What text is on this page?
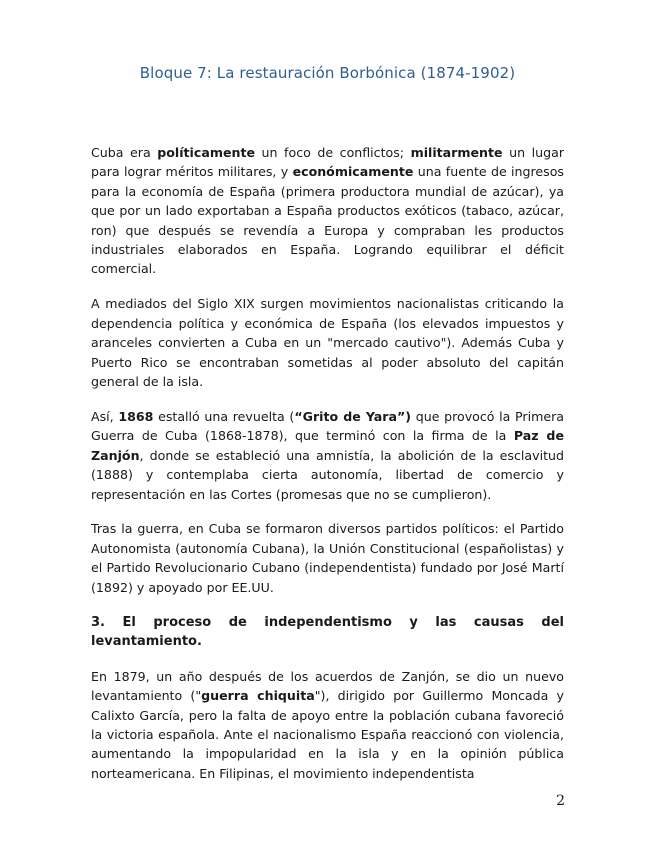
Bloque 7: La restauración Borbónica (1874-1902)

Cuba era políticamente un foco de conflictos; militarmente un lugar para lograr méritos militares, y económicamente una fuente de ingresos para la economía de España (primera productora mundial de azúcar), ya que por un lado exportaban a España productos exóticos (tabaco, azúcar, ron) que después se revendía a Europa y compraban les productos industriales elaborados en España. Logrando equilibrar el déficit comercial.

A mediados del Siglo XIX surgen movimientos nacionalistas criticando la dependencia política y económica de España (los elevados impuestos y aranceles convierten a Cuba en un "mercado cautivo"). Además Cuba y Puerto Rico se encontraban sometidas al poder absoluto del capitán general de la isla.

Así, 1868 estalló una revuelta (“Grito de Yara”) que provocó la Primera Guerra de Cuba (1868-1878), que terminó con la firma de la Paz de Zanjón, donde se estableció una amnistía, la abolición de la esclavitud (1888) y contemplaba cierta autonomía, libertad de comercio y representación en las Cortes (promesas que no se cumplieron).

Tras la guerra, en Cuba se formaron diversos partidos políticos: el Partido Autonomista (autonomía Cubana), la Unión Constitucional (españolistas) y el Partido Revolucionario Cubano (independentista) fundado por José Martí (1892) y apoyado por EE.UU.

3. El proceso de independentismo y las causas del levantamiento.

En 1879, un año después de los acuerdos de Zanjón, se dio un nuevo levantamiento ("guerra chiquita"), dirigido por Guillermo Moncada y Calixto García, pero la falta de apoyo entre la población cubana favoreció la victoria española. Ante el nacionalismo España reaccionó con violencia, aumentando la impopularidad en la isla y en la opinión pública norteamericana. En Filipinas, el movimiento independentista

2
